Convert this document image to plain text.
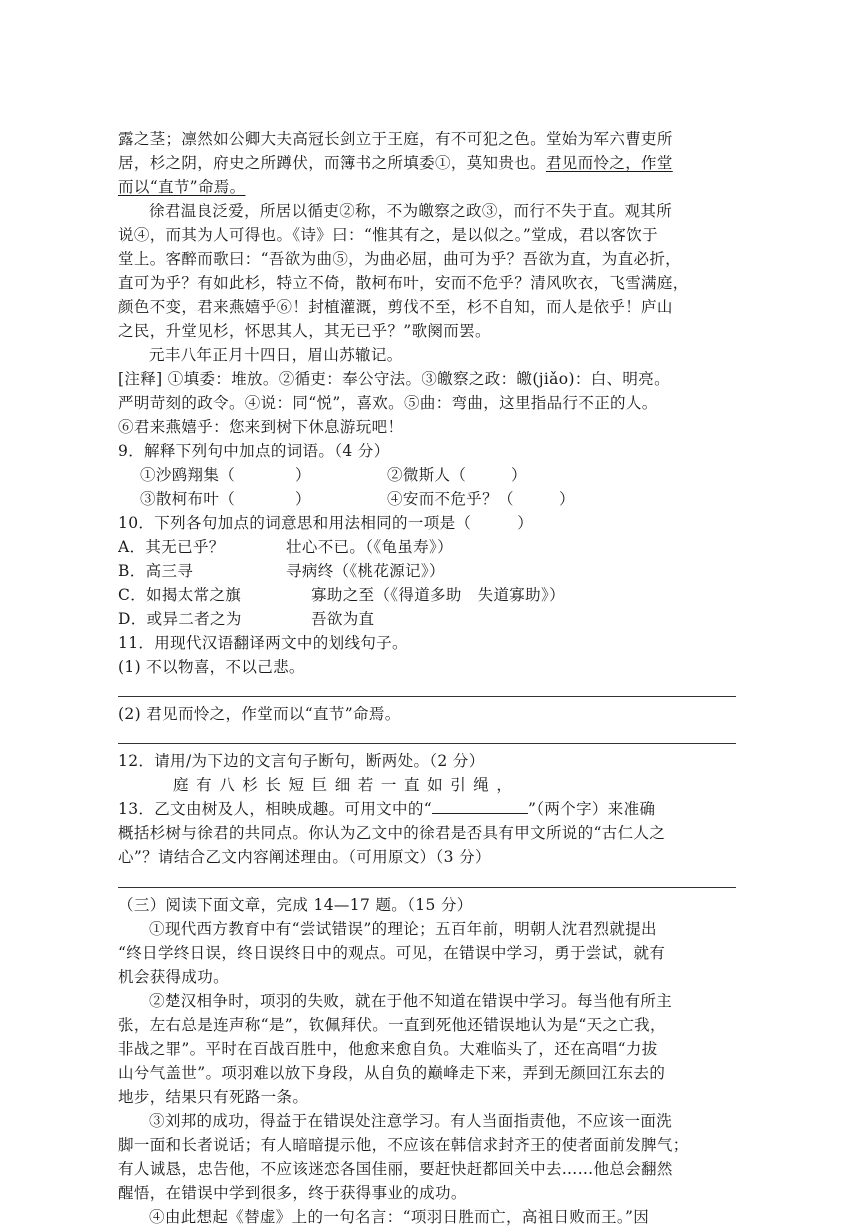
露之茎；凛然如公卿大夫高冠长剑立于王庭，有不可犯之色。堂始为军六曹吏所
居，杉之阴，府史之所蹲伏，而簿书之所填委①，莫知贵也。君见而怜之，作堂
而以“直节”命焉。
徐君温良泛爱，所居以循吏②称，不为皦察之政③，而行不失于直。观其所
说④，而其为人可得也。《诗》曰：“惟其有之，是以似之。”堂成，君以客饮于
堂上。客醉而歌曰：“吾欲为曲⑤，为曲必屈，曲可为乎？吾欲为直，为直必折，
直可为乎？有如此杉，特立不倚，散柯布叶，安而不危乎？清风吹衣，飞雪满庭，
颜色不变，君来燕嬉乎⑥！封植灌溉，剪伐不至，杉不自知，而人是依乎！庐山
之民，升堂见杉，怀思其人，其无已乎？”歌阕而罢。
元丰八年正月十四日，眉山苏辙记。
[注释] ①填委：堆放。②循吏：奉公守法。③皦察之政：皦(jiǎo)：白、明亮。
严明苛刻的政令。④说：同“悦”，喜欢。⑤曲：弯曲，这里指品行不正的人。
⑥君来燕嬉乎：您来到树下休息游玩吧！
9．解释下列句中加点的词语。（4 分）
①沙鸥翔集（	）	②微斯人（	）
③散柯布叶（	）	④安而不危乎？（	）
10．下列各句加点的词意思和用法相同的一项是（	）
A．其无已乎？	壮心不已。（《龟虽寿》）
B．高三寻	寻病终（《桃花源记》）
C．如揭太常之旗	寡助之至（《得道多助　失道寡助》）
D．或异二者之为	吾欲为直
11．用现代汉语翻译两文中的划线句子。
(1) 不以物喜，不以己悲。
(2) 君见而怜之，作堂而以“直节”命焉。
12．请用/为下边的文言句子断句，断两处。（2 分）
庭有八杉长短巨细若一直如引绳，
13．乙文由树及人，相映成趣。可用文中的“	”（两个字）来准确
概括杉树与徐君的共同点。你认为乙文中的徐君是否具有甲文所说的“古仁人之
心”？请结合乙文内容阐述理由。（可用原文）（3 分）
（三）阅读下面文章，完成 14—17 题。（15 分）
①现代西方教育中有“尝试错误”的理论；五百年前，明朝人沈君烈就提出
“终日学终日误，终日误终日中的观点。可见，在错误中学习，勇于尝试，就有
机会获得成功。
②楚汉相争时，项羽的失败，就在于他不知道在错误中学习。每当他有所主
张，左右总是连声称“是”，钦佩拜伏。一直到死他还错误地认为是“天之亡我，
非战之罪”。平时在百战百胜中，他愈来愈自负。大难临头了，还在高唱“力拔
山兮气盖世”。项羽难以放下身段，从自负的巅峰走下来，弄到无颜回江东去的
地步，结果只有死路一条。
③刘邦的成功，得益于在错误处注意学习。有人当面指责他，不应该一面洗
脚一面和长者说话；有人暗暗提示他，不应该在韩信求封齐王的使者面前发脾气；
有人诚恳，忠告他，不应该迷恋各国佳丽，要赶快赶都回关中去……他总会翻然
醒悟，在错误中学到很多，终于获得事业的成功。
④由此想起《替虚》上的一句名言：“项羽日胜而亡，高祖日败而王。”因
